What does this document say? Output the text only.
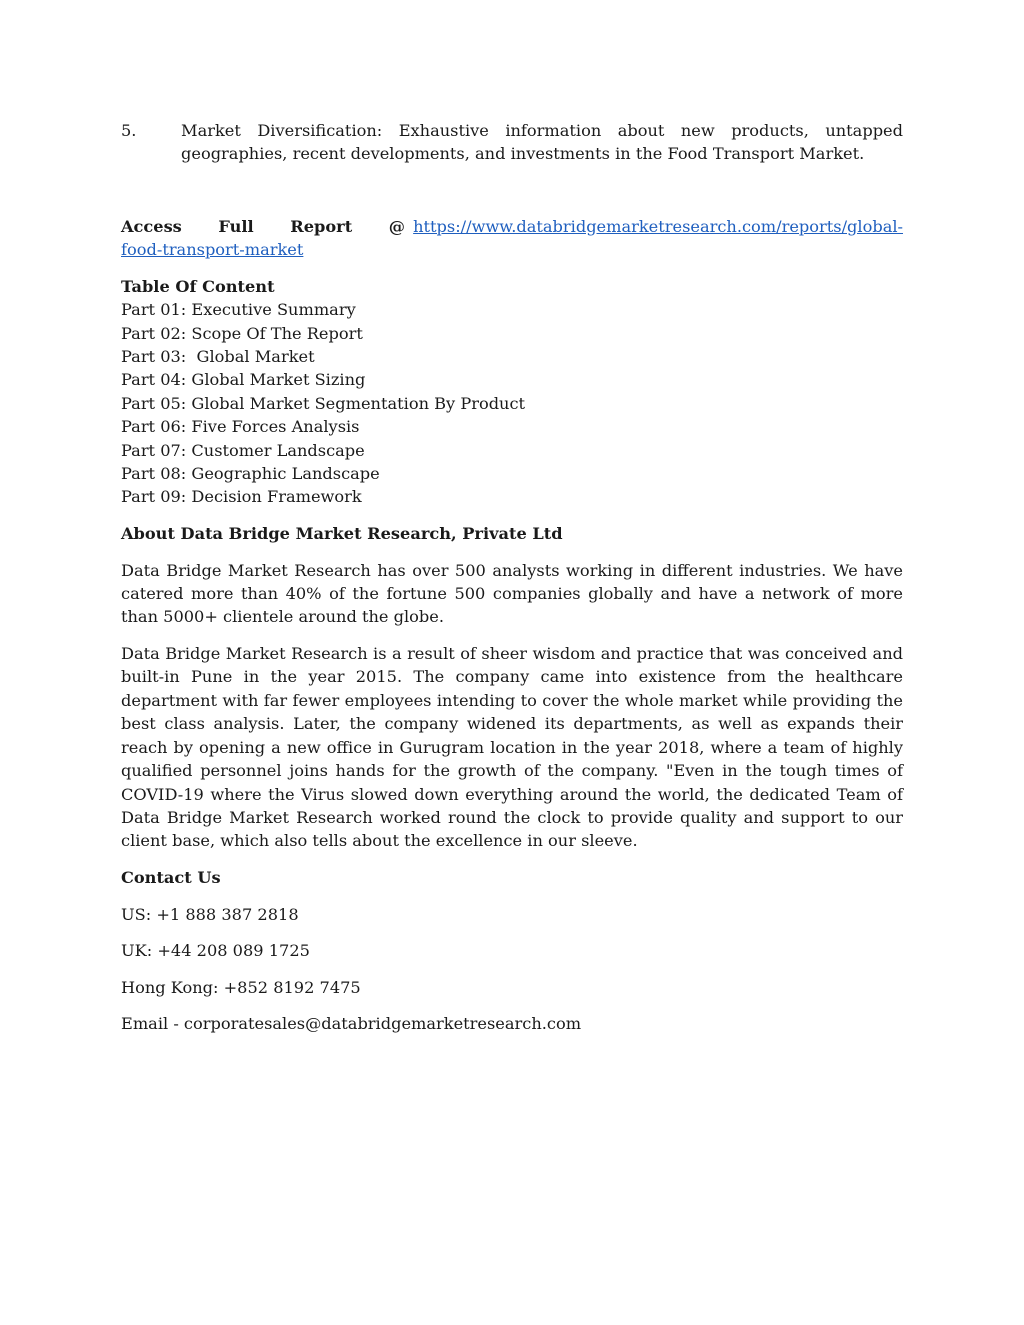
5.	Market Diversification: Exhaustive information about new products, untapped geographies, recent developments, and investments in the Food Transport Market.

Access Full Report @ https://www.databridgemarketresearch.com/reports/global-food-transport-market

Table Of Content

Part 01: Executive Summary

Part 02: Scope Of The Report

Part 03:  Global Market

Part 04: Global Market Sizing

Part 05: Global Market Segmentation By Product

Part 06: Five Forces Analysis

Part 07: Customer Landscape

Part 08: Geographic Landscape

Part 09: Decision Framework

About Data Bridge Market Research, Private Ltd

Data Bridge Market Research has over 500 analysts working in different industries. We have catered more than 40% of the fortune 500 companies globally and have a network of more than 5000+ clientele around the globe.

Data Bridge Market Research is a result of sheer wisdom and practice that was conceived and built-in Pune in the year 2015. The company came into existence from the healthcare department with far fewer employees intending to cover the whole market while providing the best class analysis. Later, the company widened its departments, as well as expands their reach by opening a new office in Gurugram location in the year 2018, where a team of highly qualified personnel joins hands for the growth of the company. "Even in the tough times of COVID-19 where the Virus slowed down everything around the world, the dedicated Team of Data Bridge Market Research worked round the clock to provide quality and support to our client base, which also tells about the excellence in our sleeve.

Contact Us

US: +1 888 387 2818

UK: +44 208 089 1725

Hong Kong: +852 8192 7475

Email - corporatesales@databridgemarketresearch.com
